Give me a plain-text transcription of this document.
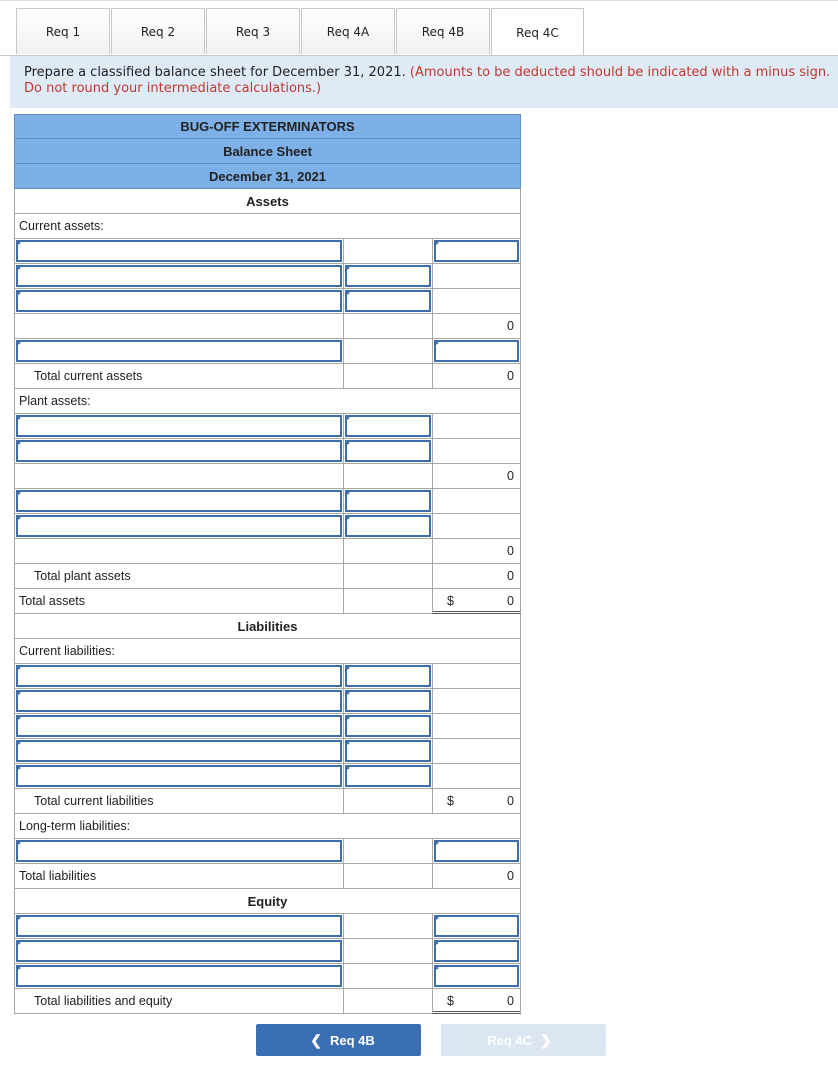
Req 1	Req 2	Req 3	Req 4A	Req 4B	Req 4C
Prepare a classified balance sheet for December 31, 2021. (Amounts to be deducted should be indicated with a minus sign.
Do not round your intermediate calculations.)
BUG-OFF EXTERMINATORS
Balance Sheet
December 31, 2021
Assets
Current assets:
0
Total current assets	0
Plant assets:
0
0
Total plant assets	0
Total assets	$	0
Liabilities
Current liabilities:
Total current liabilities	$	0
Long-term liabilities:
Total liabilities	0
Equity
Total liabilities and equity	$	0
❮ Req 4B	Req 4C ❯
